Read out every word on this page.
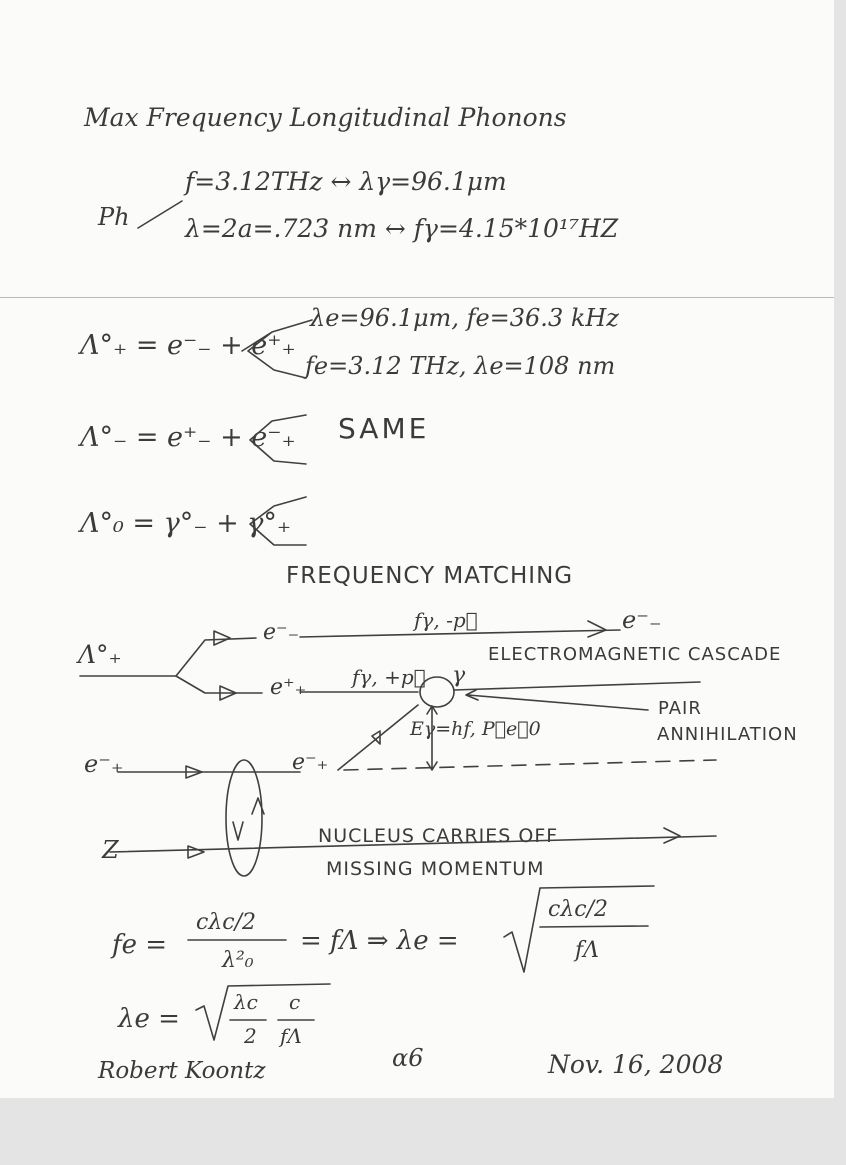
Max Frequency Longitudinal Phonons
Ph
f=3.12THz ↔ λγ=96.1μm
λ=2a=.723 nm ↔ fγ=4.15*10¹⁷HZ
Λ°₊ = e⁻₋ + e⁺₊
λe=96.1μm, fe=36.3 kHz
fe=3.12 THz, λe=108 nm
Λ°₋ = e⁺₋ + e⁻₊ SAME
Λ°₀ = γ°₋ + γ°₊
FREQUENCY MATCHING
Λ°₊
e⁻₋	fγ, -p⃗	e⁻₋
e⁺₊ fγ, +p⃗ γ
ELECTROMAGNETIC CASCADE
PAIR
ANNIHILATION
Eγ=hf, P⃗e≅0
e⁻₊	e⁻₊
Z	NUCLEUS CARRIES OFF
MISSING MOMENTUM
fe =
cλc/2
λ²₀
= fΛ ⇒ λe =
cλc/2
fΛ
λe =
λc
2
c
fΛ
Robert Koontz	α6	Nov. 16, 2008
